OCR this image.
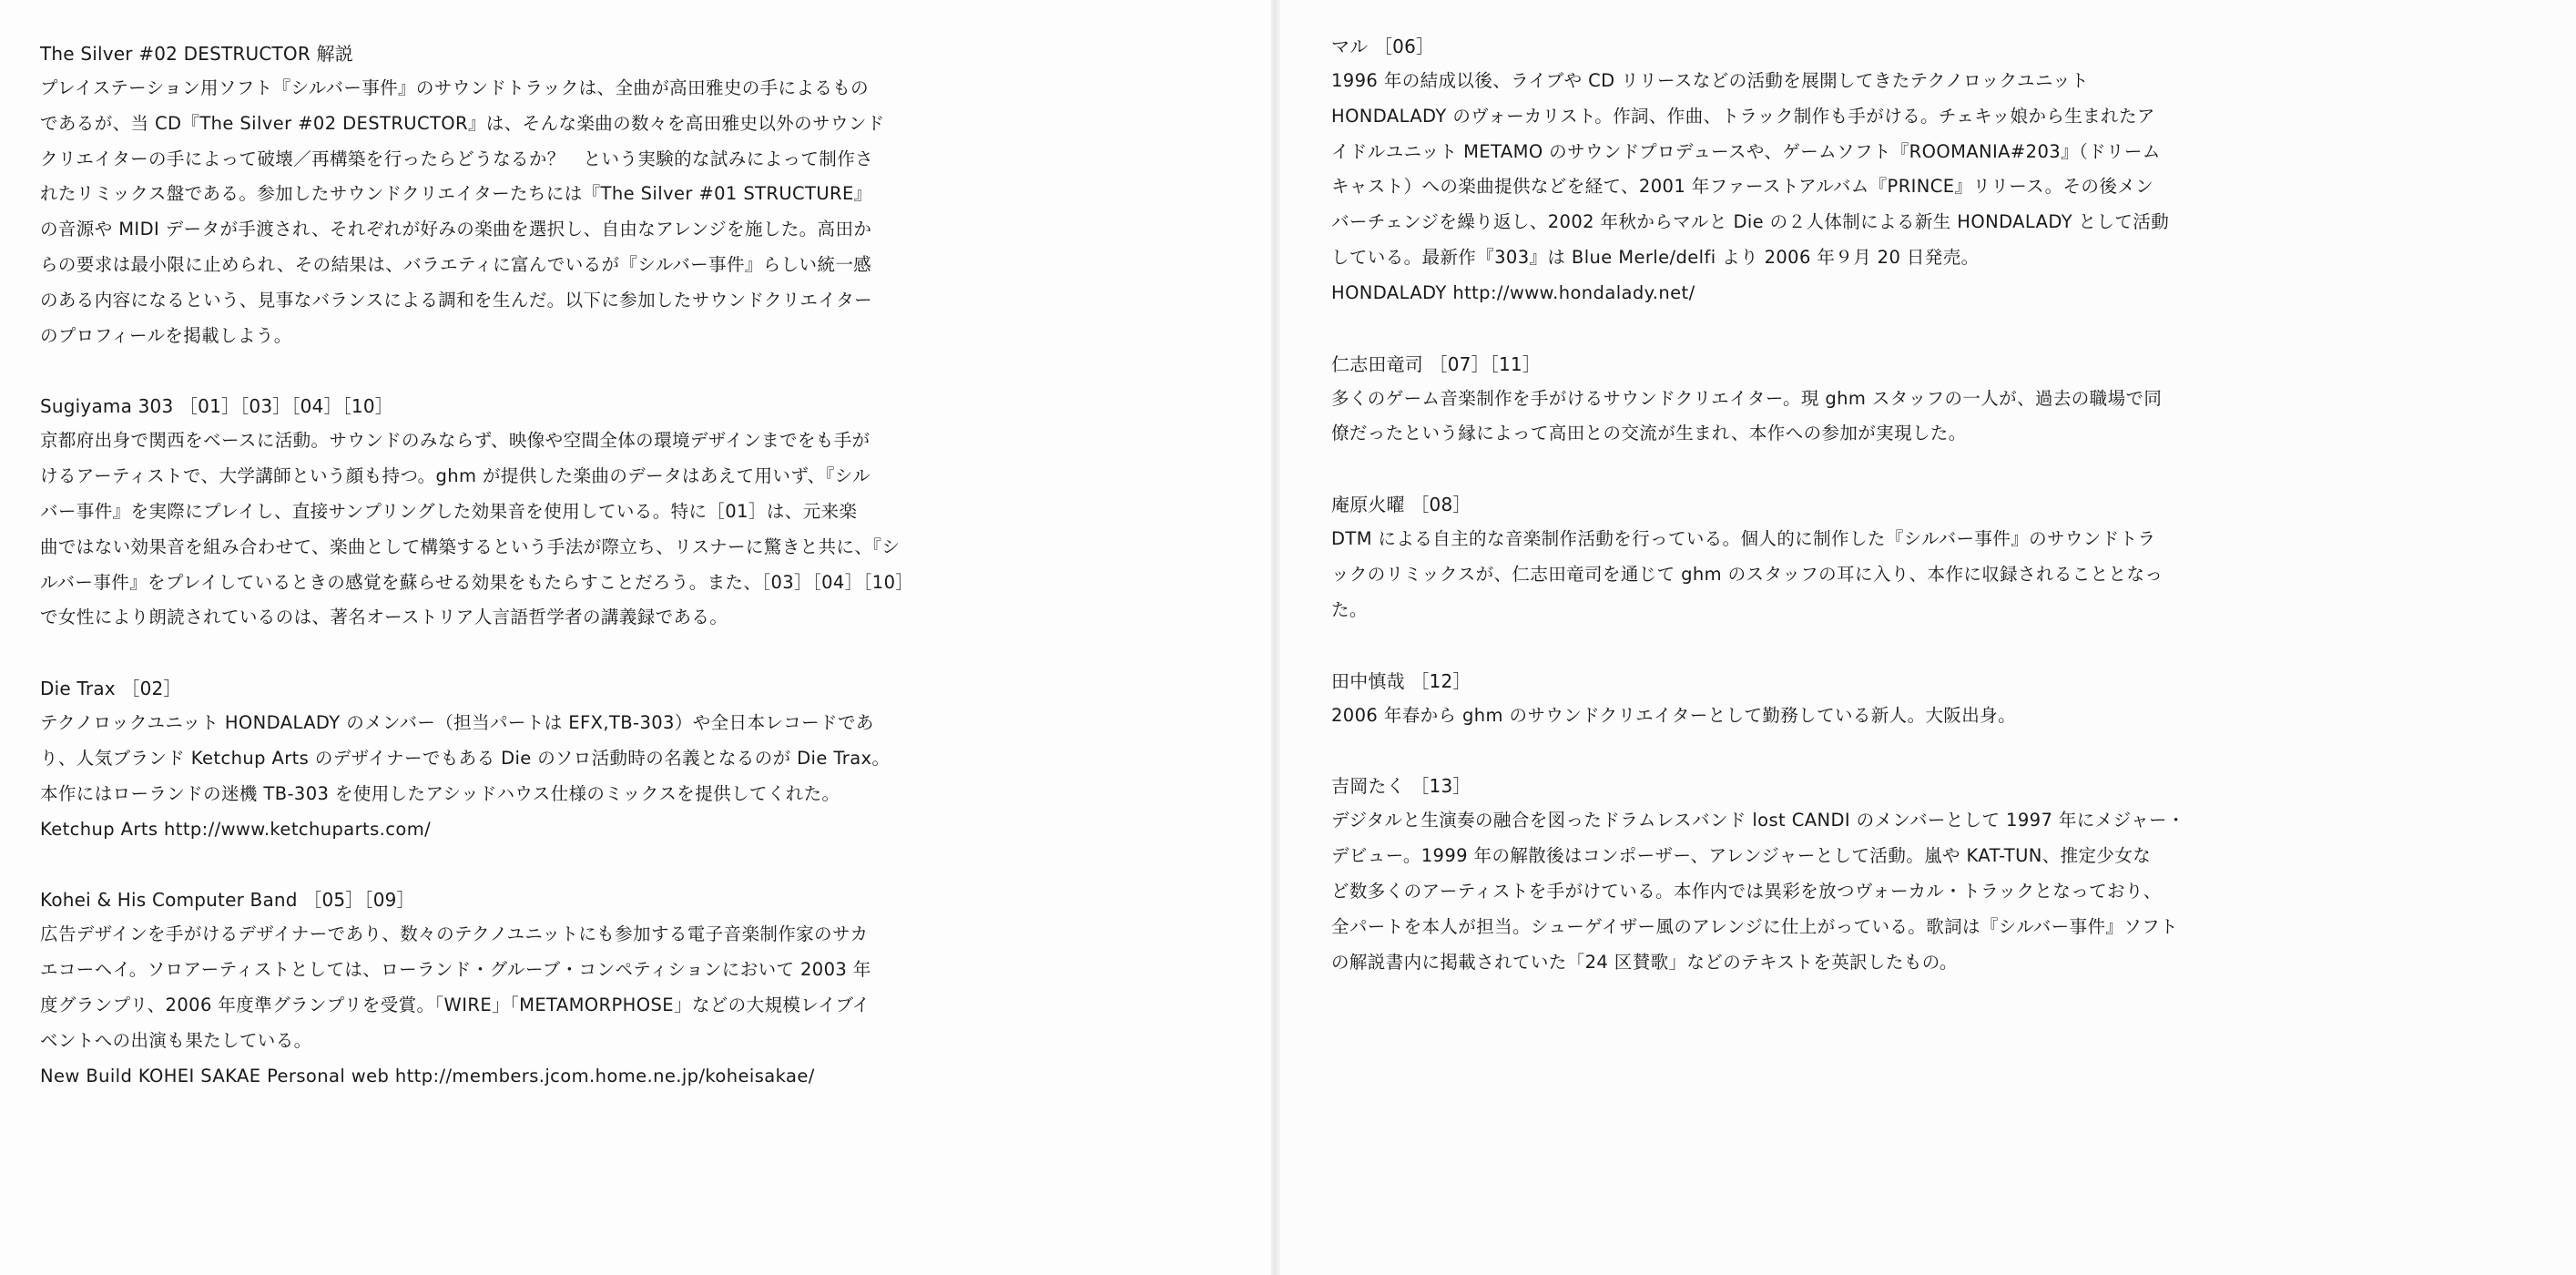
The Silver #02 DESTRUCTOR 解説
プレイステーション用ソフト『シルバー事件』のサウンドトラックは、全曲が高田雅史の手によるもの
であるが、当 CD『The Silver #02 DESTRUCTOR』は、そんな楽曲の数々を高田雅史以外のサウンド
クリエイターの手によって破壊／再構築を行ったらどうなるか？　という実験的な試みによって制作さ
れたリミックス盤である。参加したサウンドクリエイターたちには『The Silver #01 STRUCTURE』
の音源や MIDI データが手渡され、それぞれが好みの楽曲を選択し、自由なアレンジを施した。高田か
らの要求は最小限に止められ、その結果は、バラエティに富んでいるが『シルバー事件』らしい統一感
のある内容になるという、見事なバランスによる調和を生んだ。以下に参加したサウンドクリエイター
のプロフィールを掲載しよう。
Sugiyama 303 ［01］［03］［04］［10］
京都府出身で関西をベースに活動。サウンドのみならず、映像や空間全体の環境デザインまでをも手が
けるアーティストで、大学講師という顔も持つ。ghm が提供した楽曲のデータはあえて用いず、『シル
バー事件』を実際にプレイし、直接サンプリングした効果音を使用している。特に［01］は、元来楽
曲ではない効果音を組み合わせて、楽曲として構築するという手法が際立ち、リスナーに驚きと共に、『シ
ルバー事件』をプレイしているときの感覚を蘇らせる効果をもたらすことだろう。また、［03］［04］［10］
で女性により朗読されているのは、著名オーストリア人言語哲学者の講義録である。
Die Trax ［02］
テクノロックユニット HONDALADY のメンバー（担当パートは EFX,TB-303）や全日本レコードであ
り、人気ブランド Ketchup Arts のデザイナーでもある Die のソロ活動時の名義となるのが Die Trax。
本作にはローランドの迷機 TB-303 を使用したアシッドハウス仕様のミックスを提供してくれた。
Ketchup Arts http://www.ketchuparts.com/
Kohei & His Computer Band ［05］［09］
広告デザインを手がけるデザイナーであり、数々のテクノユニットにも参加する電子音楽制作家のサカ
エコーヘイ。ソロアーティストとしては、ローランド・グルーブ・コンペティションにおいて 2003 年
度グランプリ、2006 年度準グランプリを受賞。「WIRE」「METAMORPHOSE」などの大規模レイブイ
ベントへの出演も果たしている。
New Build KOHEI SAKAE Personal web http://members.jcom.home.ne.jp/koheisakae/
マル ［06］
1996 年の結成以後、ライブや CD リリースなどの活動を展開してきたテクノロックユニット
HONDALADY のヴォーカリスト。作詞、作曲、トラック制作も手がける。チェキッ娘から生まれたア
イドルユニット METAMO のサウンドプロデュースや、ゲームソフト『ROOMANIA#203』（ドリーム
キャスト）への楽曲提供などを経て、2001 年ファーストアルバム『PRINCE』リリース。その後メン
バーチェンジを繰り返し、2002 年秋からマルと Die の２人体制による新生 HONDALADY として活動
している。最新作『303』は Blue Merle/delfi より 2006 年９月 20 日発売。
HONDALADY http://www.hondalady.net/
仁志田竜司 ［07］［11］
多くのゲーム音楽制作を手がけるサウンドクリエイター。現 ghm スタッフの一人が、過去の職場で同
僚だったという縁によって高田との交流が生まれ、本作への参加が実現した。
庵原火曜 ［08］
DTM による自主的な音楽制作活動を行っている。個人的に制作した『シルバー事件』のサウンドトラ
ックのリミックスが、仁志田竜司を通じて ghm のスタッフの耳に入り、本作に収録されることとなっ
た。
田中慎哉 ［12］
2006 年春から ghm のサウンドクリエイターとして勤務している新人。大阪出身。
吉岡たく ［13］
デジタルと生演奏の融合を図ったドラムレスバンド lost CANDI のメンバーとして 1997 年にメジャー・
デビュー。1999 年の解散後はコンポーザー、アレンジャーとして活動。嵐や KAT-TUN、推定少女な
ど数多くのアーティストを手がけている。本作内では異彩を放つヴォーカル・トラックとなっており、
全パートを本人が担当。シューゲイザー風のアレンジに仕上がっている。歌詞は『シルバー事件』ソフト
の解説書内に掲載されていた「24 区賛歌」などのテキストを英訳したもの。
